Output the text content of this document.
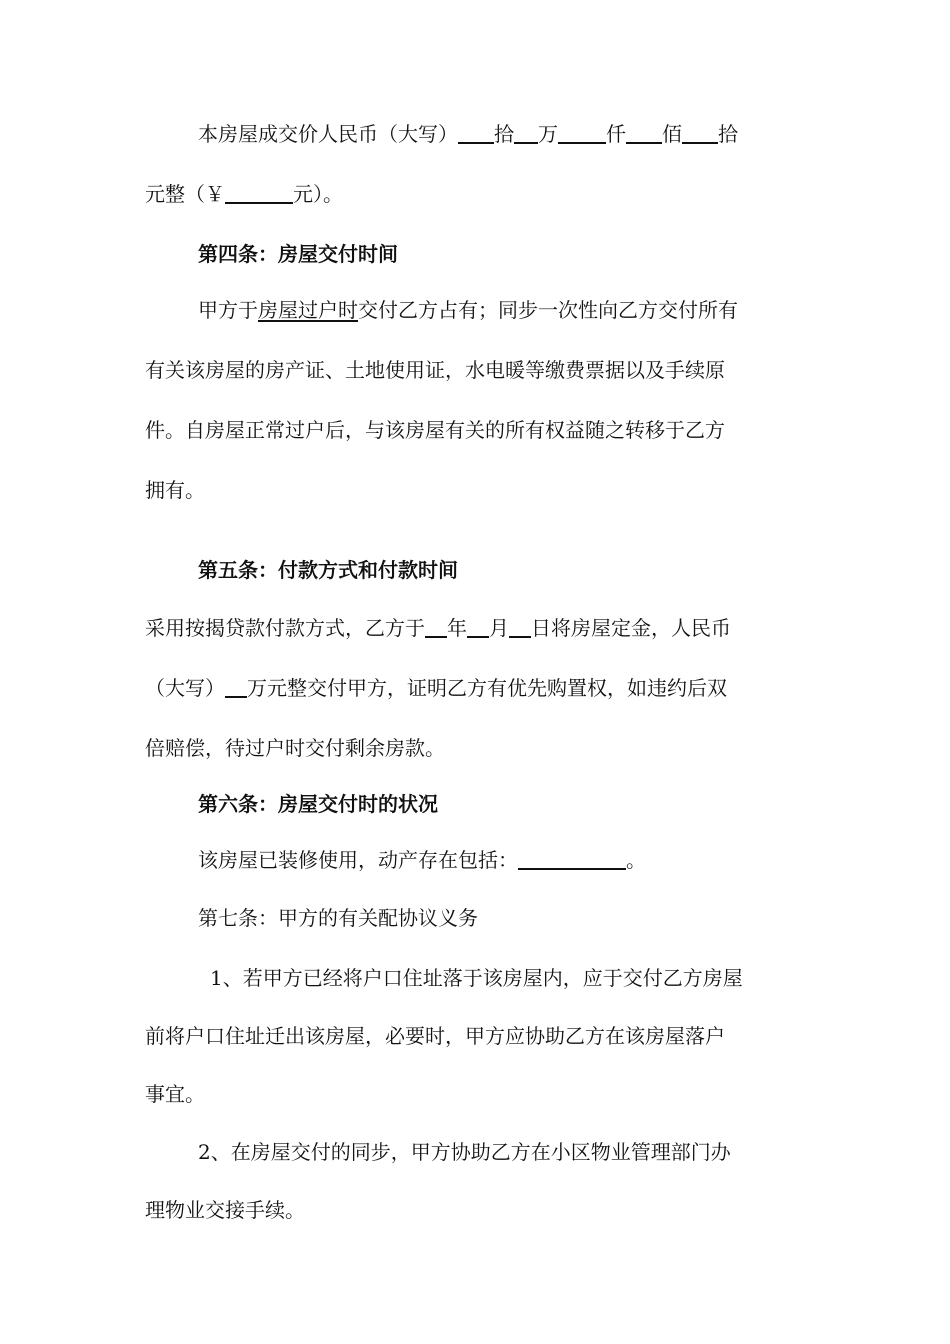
本房屋成交价人民币（大写） 拾 万 仟 佰 拾
元整（￥	元）。
第四条：房屋交付时间
甲方于房屋过户时交付乙方占有；同步一次性向乙方交付所有
有关该房屋的房产证、土地使用证，水电暖等缴费票据以及手续原
件。自房屋正常过户后，与该房屋有关的所有权益随之转移于乙方
拥有。
第五条：付款方式和付款时间
采用按揭贷款付款方式，乙方于 年 月 日将房屋定金，人民币
（大写） 万元整交付甲方，证明乙方有优先购置权，如违约后双
倍赔偿，待过户时交付剩余房款。
第六条：房屋交付时的状况
该房屋已装修使用，动产存在包括：	。
第七条：甲方的有关配协议义务
1、若甲方已经将户口住址落于该房屋内，应于交付乙方房屋
前将户口住址迁出该房屋，必要时，甲方应协助乙方在该房屋落户
事宜。
2、在房屋交付的同步，甲方协助乙方在小区物业管理部门办
理物业交接手续。
